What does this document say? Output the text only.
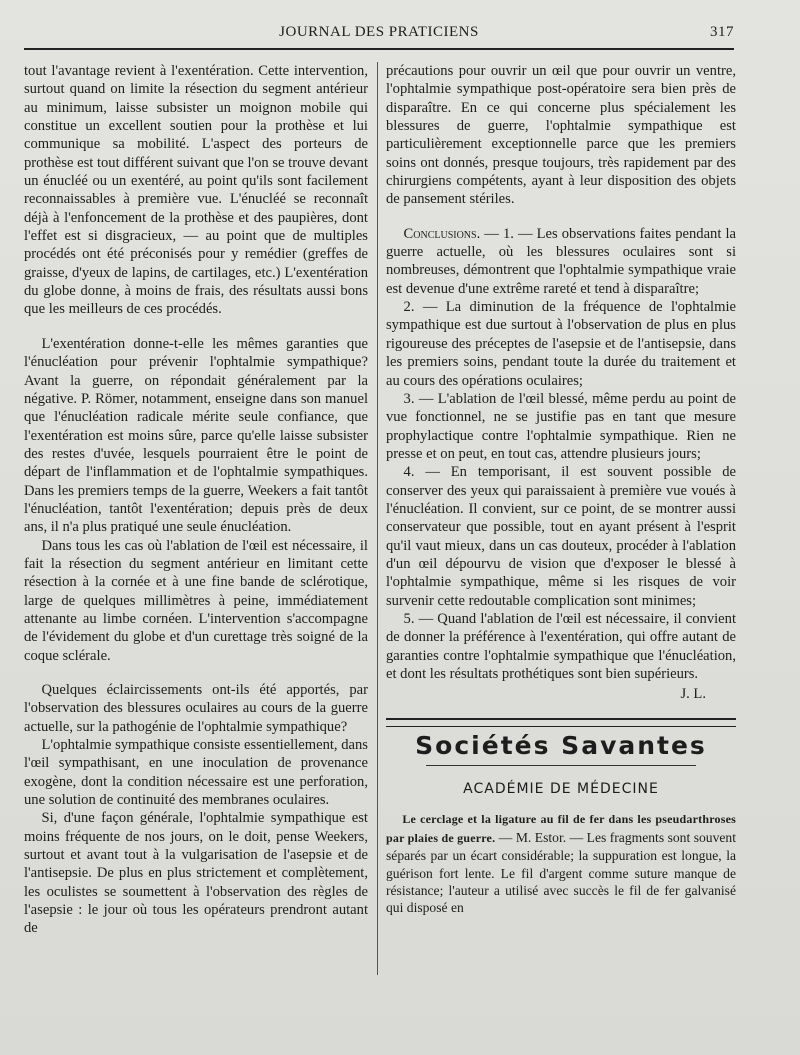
JOURNAL DES PRATICIENS	317

tout l'avantage revient à l'exentération. Cette intervention, surtout quand on limite la résection du segment antérieur au minimum, laisse subsister un moignon mobile qui constitue un excellent soutien pour la prothèse et lui communique sa mobilité. L'aspect des porteurs de prothèse est tout différent suivant que l'on se trouve devant un énucléé ou un exentéré, au point qu'ils sont facilement reconnaissables à première vue. L'énucléé se reconnaît déjà à l'enfoncement de la prothèse et des paupières, dont l'effet est si disgracieux, — au point que de multiples procédés ont été préconisés pour y remédier (greffes de graisse, d'yeux de lapins, de cartilages, etc.) L'exentération du globe donne, à moins de frais, des résultats aussi bons que les meilleurs de ces procédés.

L'exentération donne-t-elle les mêmes garanties que l'énucléation pour prévenir l'ophtalmie sympathique? Avant la guerre, on répondait généralement par la négative. P. Römer, notamment, enseigne dans son manuel que l'énucléation radicale mérite seule confiance, que l'exentération est moins sûre, parce qu'elle laisse subsister des restes d'uvée, lesquels pourraient être le point de départ de l'inflammation et de l'ophtalmie sympathiques. Dans les premiers temps de la guerre, Weekers a fait tantôt l'énucléation, tantôt l'exentération; depuis près de deux ans, il n'a plus pratiqué une seule énucléation.

Dans tous les cas où l'ablation de l'œil est nécessaire, il fait la résection du segment antérieur en limitant cette résection à la cornée et à une fine bande de sclérotique, large de quelques millimètres à peine, immédiatement attenante au limbe cornéen. L'intervention s'accompagne de l'évidement du globe et d'un curettage très soigné de la coque sclérale.

Quelques éclaircissements ont-ils été apportés, par l'observation des blessures oculaires au cours de la guerre actuelle, sur la pathogénie de l'ophtalmie sympathique?

L'ophtalmie sympathique consiste essentiellement, dans l'œil sympathisant, en une inoculation de provenance exogène, dont la condition nécessaire est une perforation, une solution de continuité des membranes oculaires.

Si, d'une façon générale, l'ophtalmie sympathique est moins fréquente de nos jours, on le doit, pense Weekers, surtout et avant tout à la vulgarisation de l'asepsie et de l'antisepsie. De plus en plus strictement et complètement, les oculistes se soumettent à l'observation des règles de l'asepsie : le jour où tous les opérateurs prendront autant de

précautions pour ouvrir un œil que pour ouvrir un ventre, l'ophtalmie sympathique post-opératoire sera bien près de disparaître. En ce qui concerne plus spécialement les blessures de guerre, l'ophtalmie sympathique est particulièrement exceptionnelle parce que les premiers soins ont donnés, presque toujours, très rapidement par des chirurgiens compétents, ayant à leur disposition des objets de pansement stériles.

Conclusions. — 1. — Les observations faites pendant la guerre actuelle, où les blessures oculaires sont si nombreuses, démontrent que l'ophtalmie sympathique vraie est devenue d'une extrême rareté et tend à disparaître;

2. — La diminution de la fréquence de l'ophtalmie sympathique est due surtout à l'observation de plus en plus rigoureuse des préceptes de l'asepsie et de l'antisepsie, dans les premiers soins, pendant toute la durée du traitement et au cours des opérations oculaires;

3. — L'ablation de l'œil blessé, même perdu au point de vue fonctionnel, ne se justifie pas en tant que mesure prophylactique contre l'ophtalmie sympathique. Rien ne presse et on peut, en tout cas, attendre plusieurs jours;

4. — En temporisant, il est souvent possible de conserver des yeux qui paraissaient à première vue voués à l'énucléation. Il convient, sur ce point, de se montrer aussi conservateur que possible, tout en ayant présent à l'esprit qu'il vaut mieux, dans un cas douteux, procéder à l'ablation d'un œil dépourvu de vision que d'exposer le blessé à l'ophtalmie sympathique, même si les risques de voir survenir cette redoutable complication sont minimes;

5. — Quand l'ablation de l'œil est nécessaire, il convient de donner la préférence à l'exentération, qui offre autant de garanties contre l'ophtalmie sympathique que l'énucléation, et dont les résultats prothétiques sont bien supérieurs.

J. L.
Sociétés Savantes
ACADÉMIE DE MÉDECINE

Le cerclage et la ligature au fil de fer dans les pseudarthroses par plaies de guerre. — M. Estor. — Les fragments sont souvent séparés par un écart considérable; la suppuration est longue, la guérison fort lente. Le fil d'argent comme suture manque de résistance; l'auteur a utilisé avec succès le fil de fer galvanisé qui disposé en
